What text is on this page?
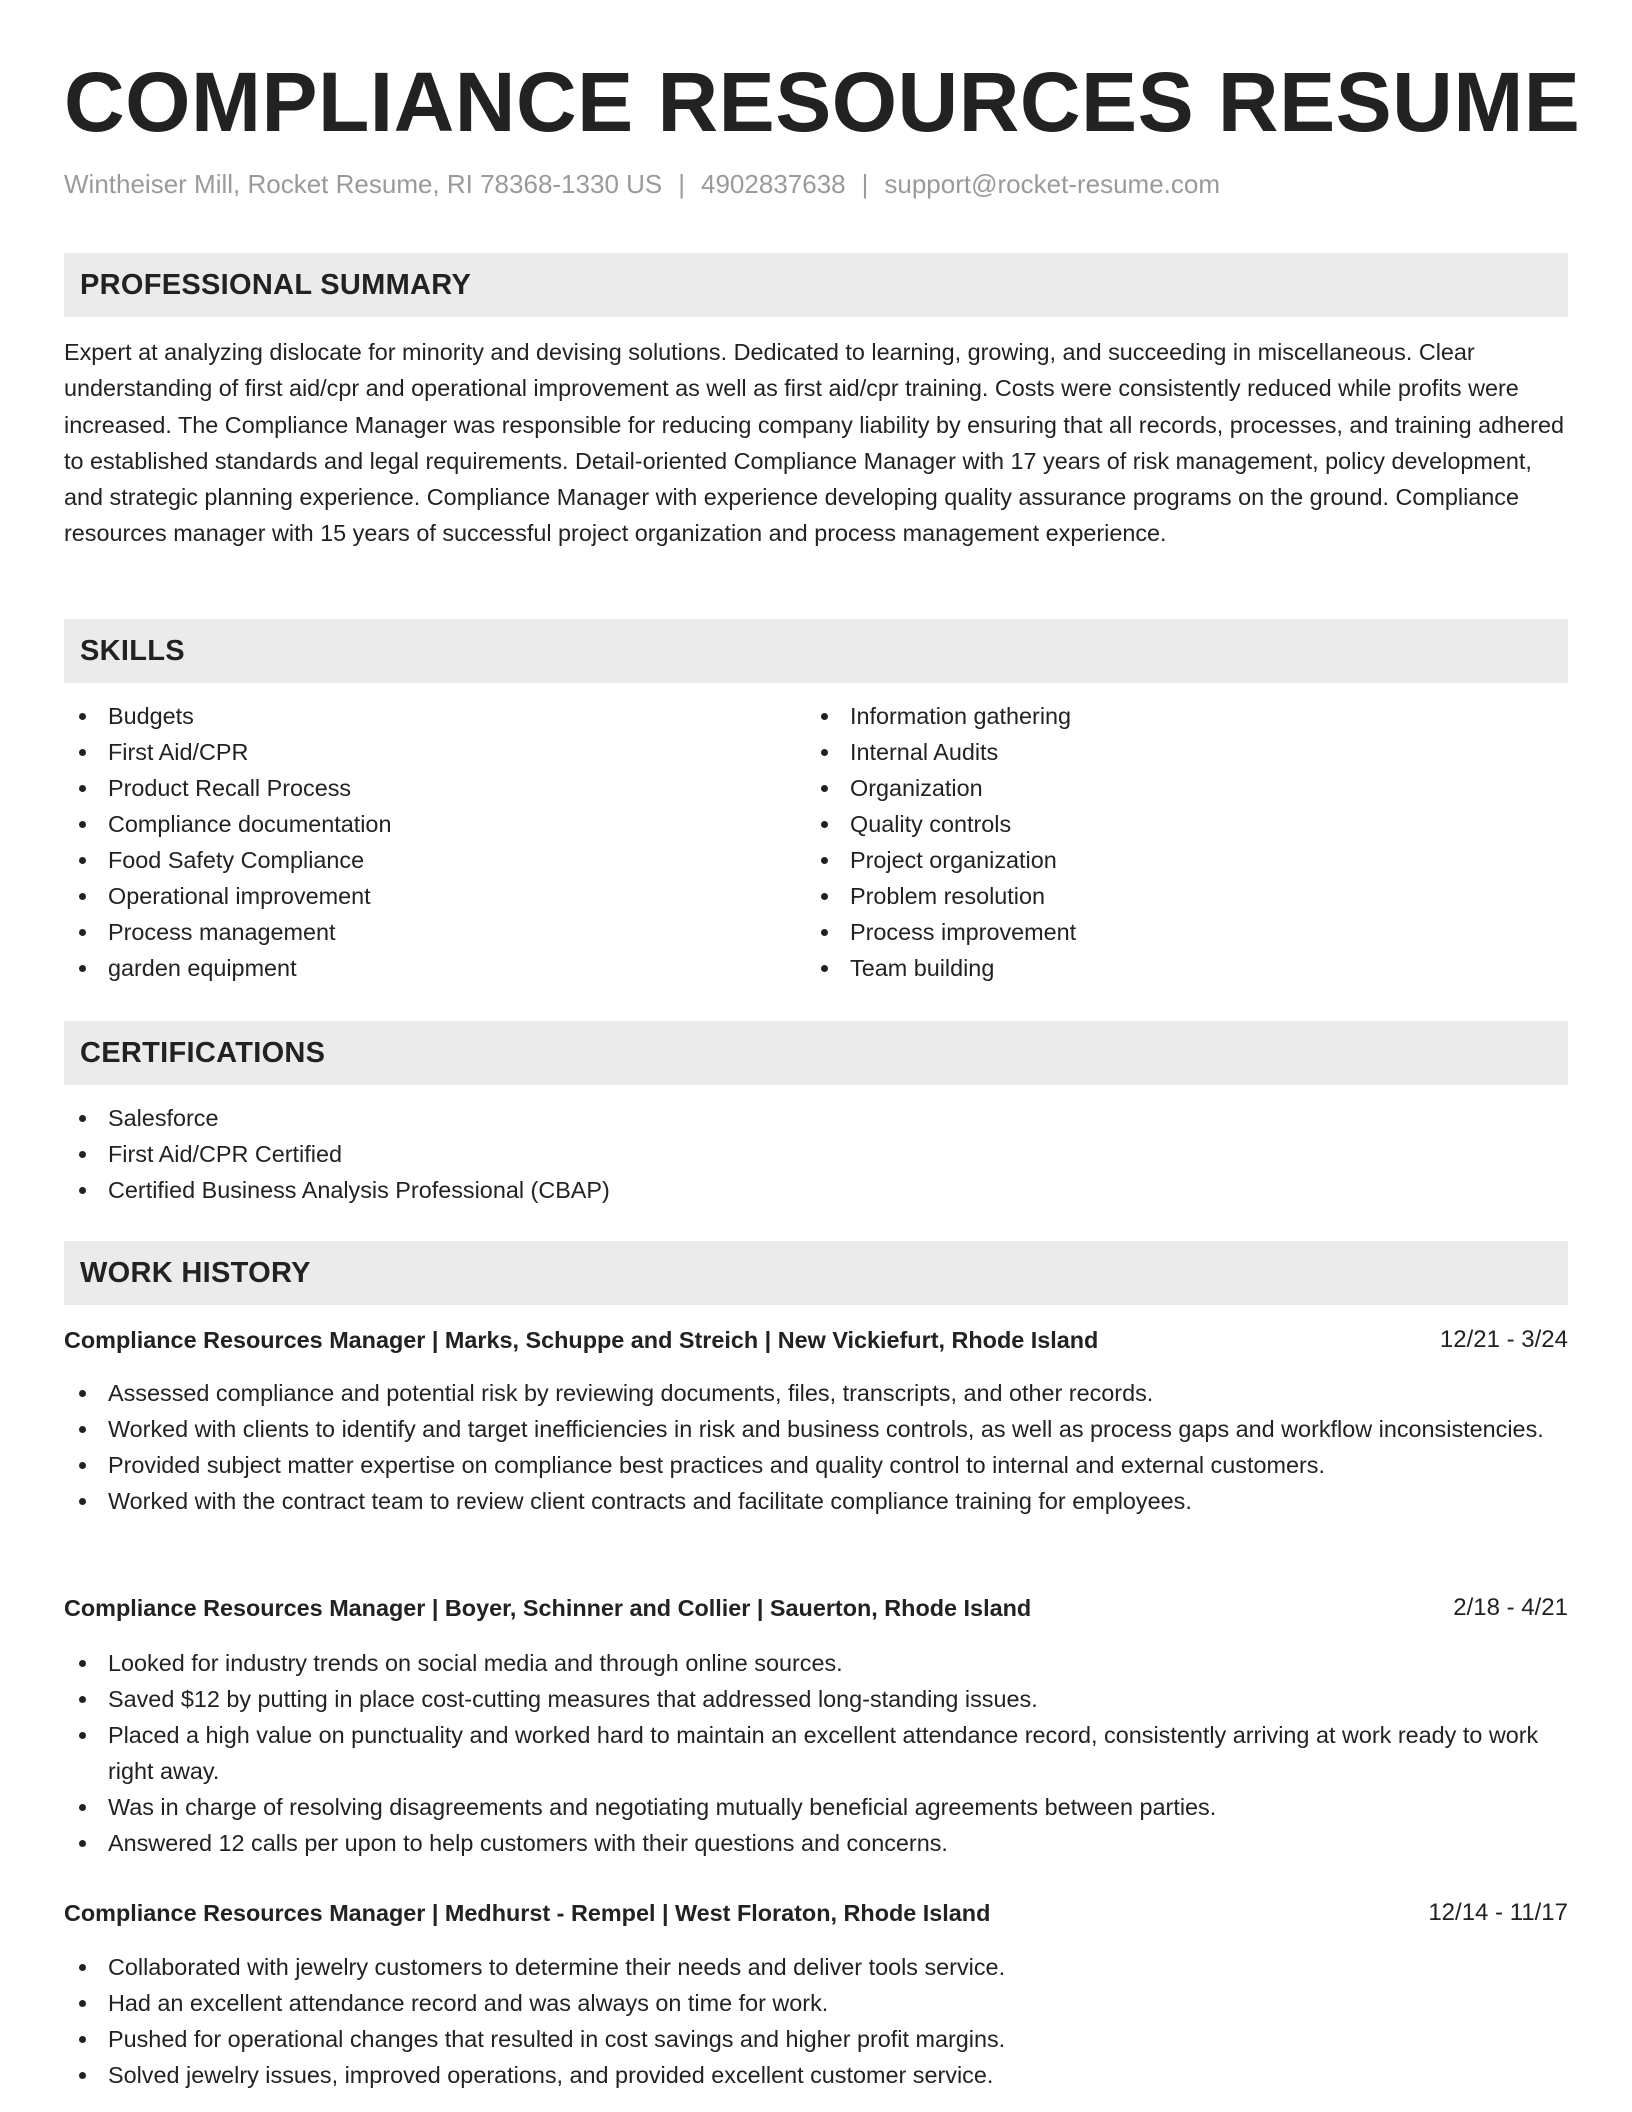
COMPLIANCE RESOURCES RESUME
Wintheiser Mill, Rocket Resume, RI 78368-1330 US | 4902837638 | support@rocket-resume.com
PROFESSIONAL SUMMARY

Expert at analyzing dislocate for minority and devising solutions. Dedicated to learning, growing, and succeeding in miscellaneous. Clear understanding of first aid/cpr and operational improvement as well as first aid/cpr training. Costs were consistently reduced while profits were increased. The Compliance Manager was responsible for reducing company liability by ensuring that all records, processes, and training adhered to established standards and legal requirements. Detail-oriented Compliance Manager with 17 years of risk management, policy development, and strategic planning experience. Compliance Manager with experience developing quality assurance programs on the ground. Compliance resources manager with 15 years of successful project organization and process management experience.

SKILLS
Budgets
First Aid/CPR
Product Recall Process
Compliance documentation
Food Safety Compliance
Operational improvement
Process management
garden equipment
Information gathering
Internal Audits
Organization
Quality controls
Project organization
Problem resolution
Process improvement
Team building
CERTIFICATIONS
Salesforce
First Aid/CPR Certified
Certified Business Analysis Professional (CBAP)
WORK HISTORY
Compliance Resources Manager | Marks, Schuppe and Streich | New Vickiefurt, Rhode Island	12/21 - 3/24
Assessed compliance and potential risk by reviewing documents, files, transcripts, and other records.
Worked with clients to identify and target inefficiencies in risk and business controls, as well as process gaps and workflow inconsistencies.
Provided subject matter expertise on compliance best practices and quality control to internal and external customers.
Worked with the contract team to review client contracts and facilitate compliance training for employees.
Compliance Resources Manager | Boyer, Schinner and Collier | Sauerton, Rhode Island	2/18 - 4/21
Looked for industry trends on social media and through online sources.
Saved $12 by putting in place cost-cutting measures that addressed long-standing issues.
Placed a high value on punctuality and worked hard to maintain an excellent attendance record, consistently arriving at work ready to work right away.
Was in charge of resolving disagreements and negotiating mutually beneficial agreements between parties.
Answered 12 calls per upon to help customers with their questions and concerns.
Compliance Resources Manager | Medhurst - Rempel | West Floraton, Rhode Island	12/14 - 11/17
Collaborated with jewelry customers to determine their needs and deliver tools service.
Had an excellent attendance record and was always on time for work.
Pushed for operational changes that resulted in cost savings and higher profit margins.
Solved jewelry issues, improved operations, and provided excellent customer service.
